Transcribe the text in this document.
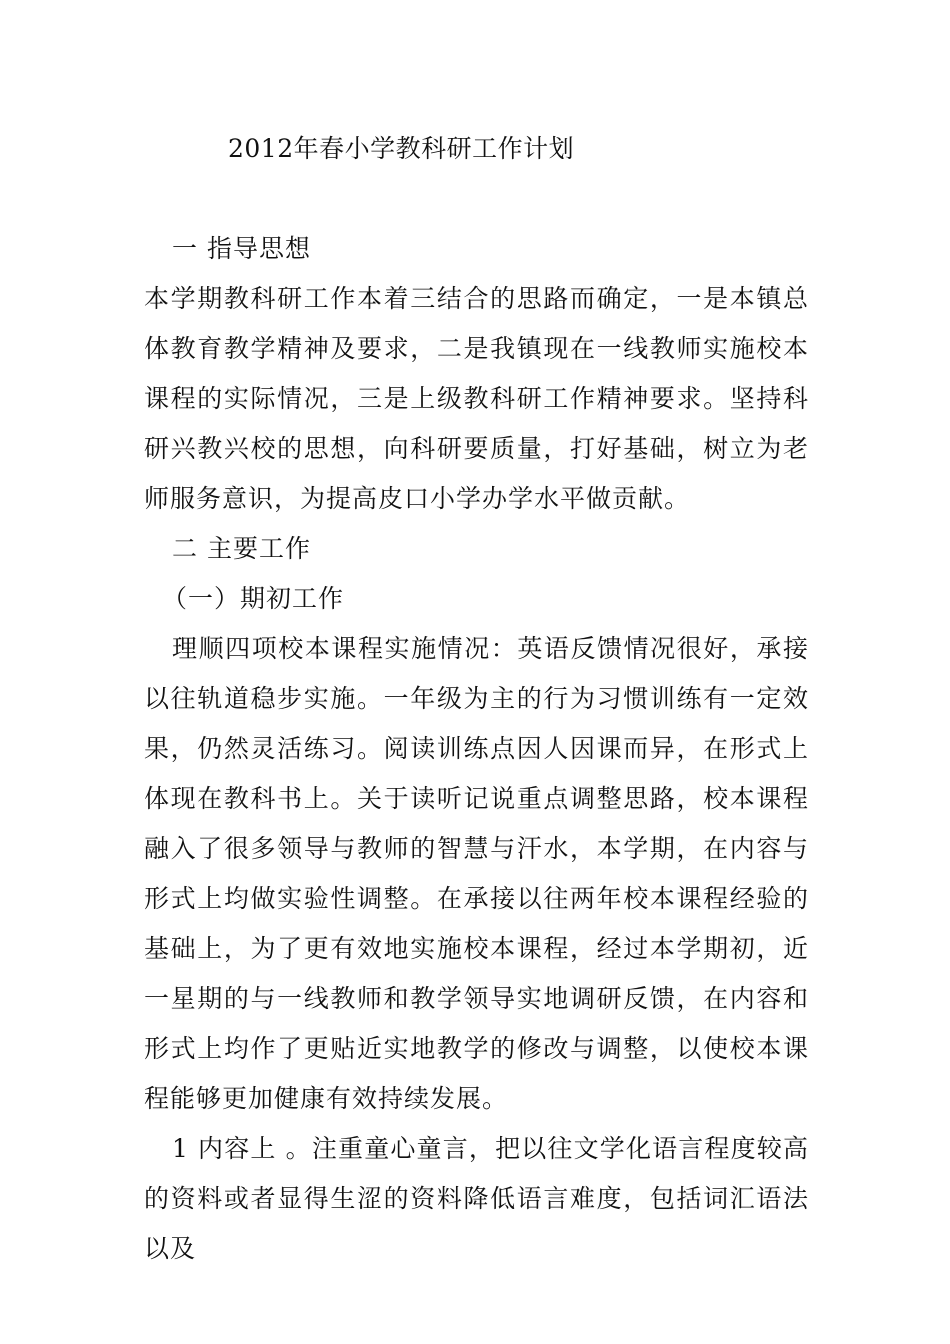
2012年春小学教科研工作计划
一 指导思想
本学期教科研工作本着三结合的思路而确定，一是本镇总体教育教学精神及要求，二是我镇现在一线教师实施校本课程的实际情况，三是上级教科研工作精神要求。坚持科研兴教兴校的思想，向科研要质量，打好基础，树立为老师服务意识，为提高皮口小学办学水平做贡献。
二 主要工作
（一）期初工作
理顺四项校本课程实施情况：英语反馈情况很好，承接以往轨道稳步实施。一年级为主的行为习惯训练有一定效果，仍然灵活练习。阅读训练点因人因课而异，在形式上体现在教科书上。关于读听记说重点调整思路，校本课程融入了很多领导与教师的智慧与汗水，本学期，在内容与形式上均做实验性调整。在承接以往两年校本课程经验的基础上，为了更有效地实施校本课程，经过本学期初，近一星期的与一线教师和教学领导实地调研反馈，在内容和形式上均作了更贴近实地教学的修改与调整，以使校本课程能够更加健康有效持续发展。
1 内容上 。注重童心童言，把以往文学化语言程度较高的资料或者显得生涩的资料降低语言难度，包括词汇语法以及
